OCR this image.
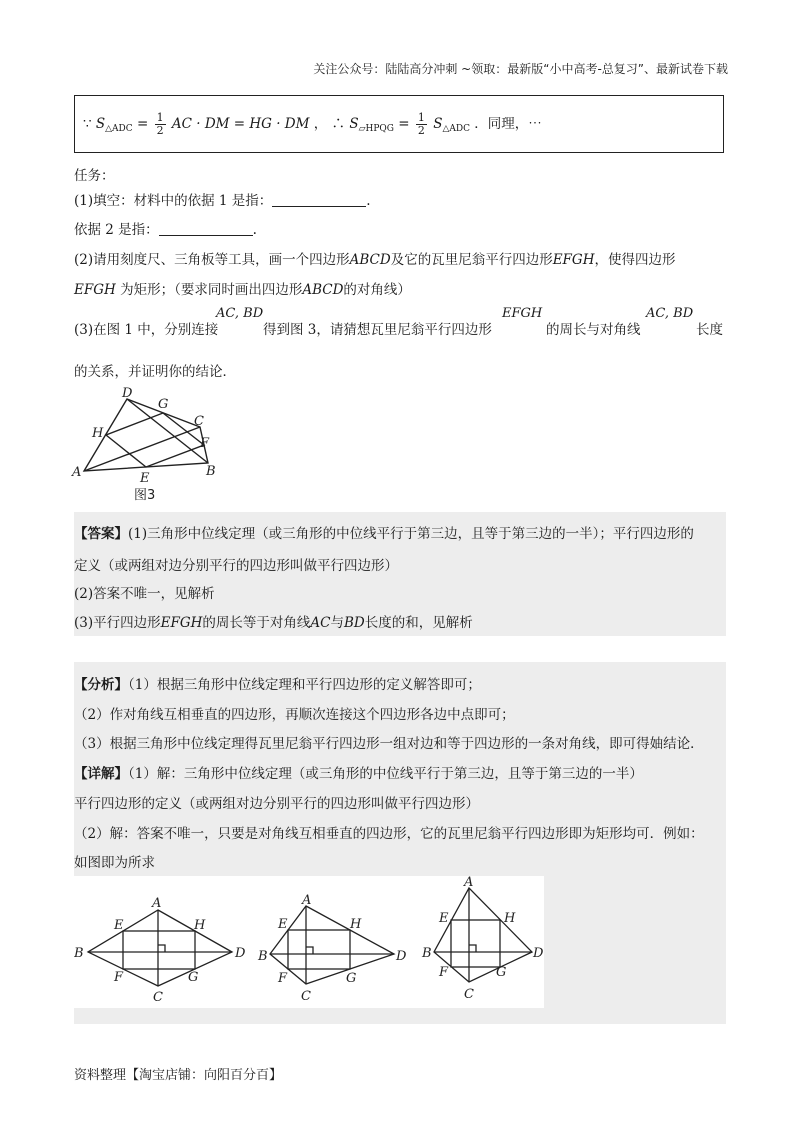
关注公众号：陆陆高分冲刺 ~领取：最新版“小中高考-总复习”、最新试卷下载
∵ $S_{\triangle ADC} = \frac{1}{2}$ AC · DM = HG · DM ， ∴ $S_{▱HPQG} = \frac{1}{2} S_{\triangle ADC}$ ．同理，⋯
任务：
(1)填空：材料中的依据 1 是指：	.
依据 2 是指：	.
(2)请用刻度尺、三角板等工具，画一个四边形ABCD及它的瓦里尼翁平行四边形EFGH，使得四边形
EFGH 为矩形；（要求同时画出四边形ABCD的对角线）
(3)在图 1 中，分别连接
AC, BD
得到图 3，请猜想瓦里尼翁平行四边形
EFGH
的周长与对角线
AC, BD
长度
的关系，并证明你的结论．
A	B
C
D
E
F
G
H
图3
【答案】(1)三角形中位线定理（或三角形的中位线平行于第三边，且等于第三边的一半）；平行四边形的
定义（或两组对边分别平行的四边形叫做平行四边形）
(2)答案不唯一，见解析
(3)平行四边形EFGH的周长等于对角线AC与BD长度的和，见解析
【分析】（1）根据三角形中位线定理和平行四边形的定义解答即可；
（2）作对角线互相垂直的四边形，再顺次连接这个四边形各边中点即可；
（3）根据三角形中位线定理得瓦里尼翁平行四边形一组对边和等于四边形的一条对角线，即可得妯结论．
【详解】（1）解：三角形中位线定理（或三角形的中位线平行于第三边，且等于第三边的一半）
平行四边形的定义（或两组对边分别平行的四边形叫做平行四边形）
（2）解：答案不唯一，只要是对角线互相垂直的四边形，它的瓦里尼翁平行四边形即为矩形均可．例如：
如图即为所求
A
B
C
D
E
F	G
H
A
B
C
D
E
F	G
H
A
B
C
D
E
F	G
H
资料整理【淘宝店铺：向阳百分百】
